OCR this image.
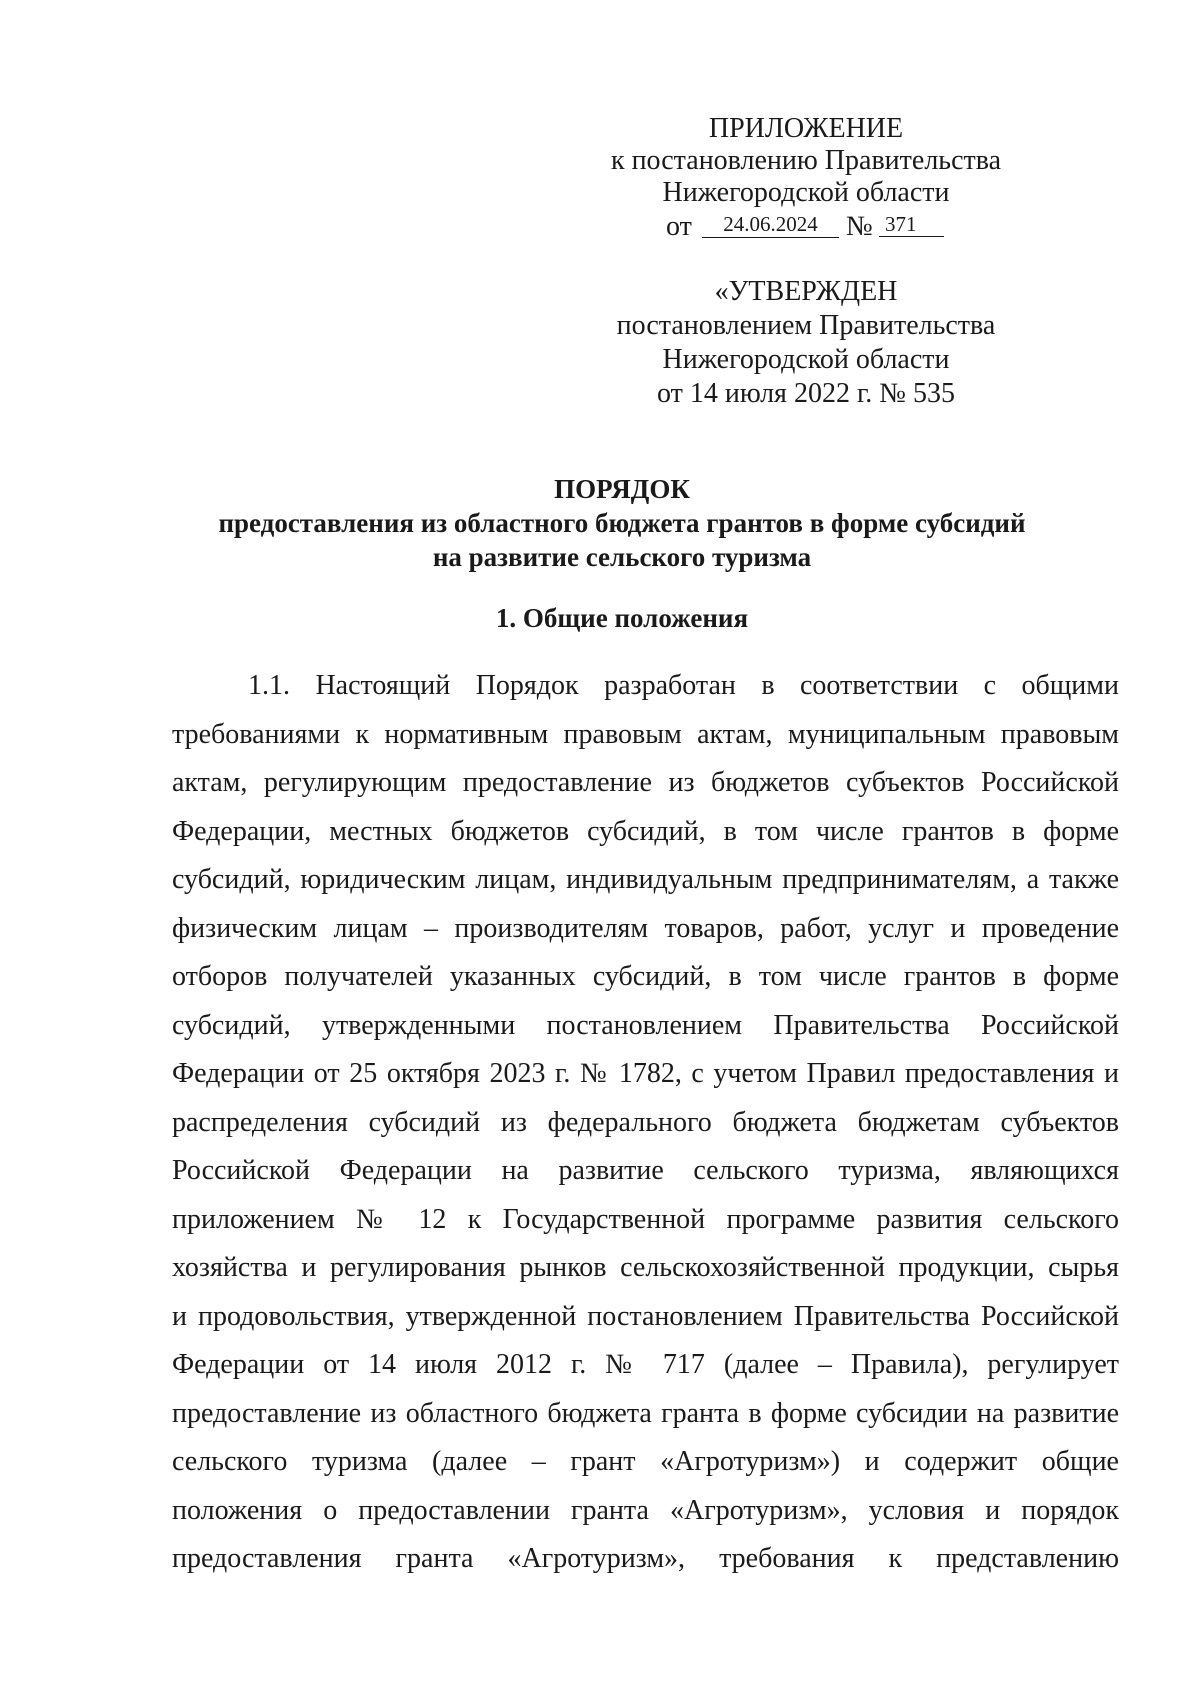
ПРИЛОЖЕНИЕ
к постановлению Правительства
Нижегородской области
от	24.06.2024	№ 371
«УТВЕРЖДЕН
постановлением Правительства
Нижегородской области
от 14 июля 2022 г. № 535
ПОРЯДОК
предоставления из областного бюджета грантов в форме субсидий
на развитие сельского туризма
1. Общие положения
1.1. Настоящий Порядок разработан в соответствии с общими
требованиями к нормативным правовым актам, муниципальным правовым
актам, регулирующим предоставление из бюджетов субъектов Российской
Федерации, местных бюджетов субсидий, в том числе грантов в форме
субсидий, юридическим лицам, индивидуальным предпринимателям, а также
физическим лицам – производителям товаров, работ, услуг и проведение
отборов получателей указанных субсидий, в том числе грантов в форме
субсидий, утвержденными постановлением Правительства Российской
Федерации от 25 октября 2023 г. № 1782, с учетом Правил предоставления и
распределения субсидий из федерального бюджета бюджетам субъектов
Российской Федерации на развитие сельского туризма, являющихся
приложением № 12 к Государственной программе развития сельского
хозяйства и регулирования рынков сельскохозяйственной продукции, сырья
и продовольствия, утвержденной постановлением Правительства Российской
Федерации от 14 июля 2012 г. № 717 (далее – Правила), регулирует
предоставление из областного бюджета гранта в форме субсидии на развитие
сельского туризма (далее – грант «Агротуризм») и содержит общие
положения о предоставлении гранта «Агротуризм», условия и порядок
предоставления гранта «Агротуризм», требования к представлению
